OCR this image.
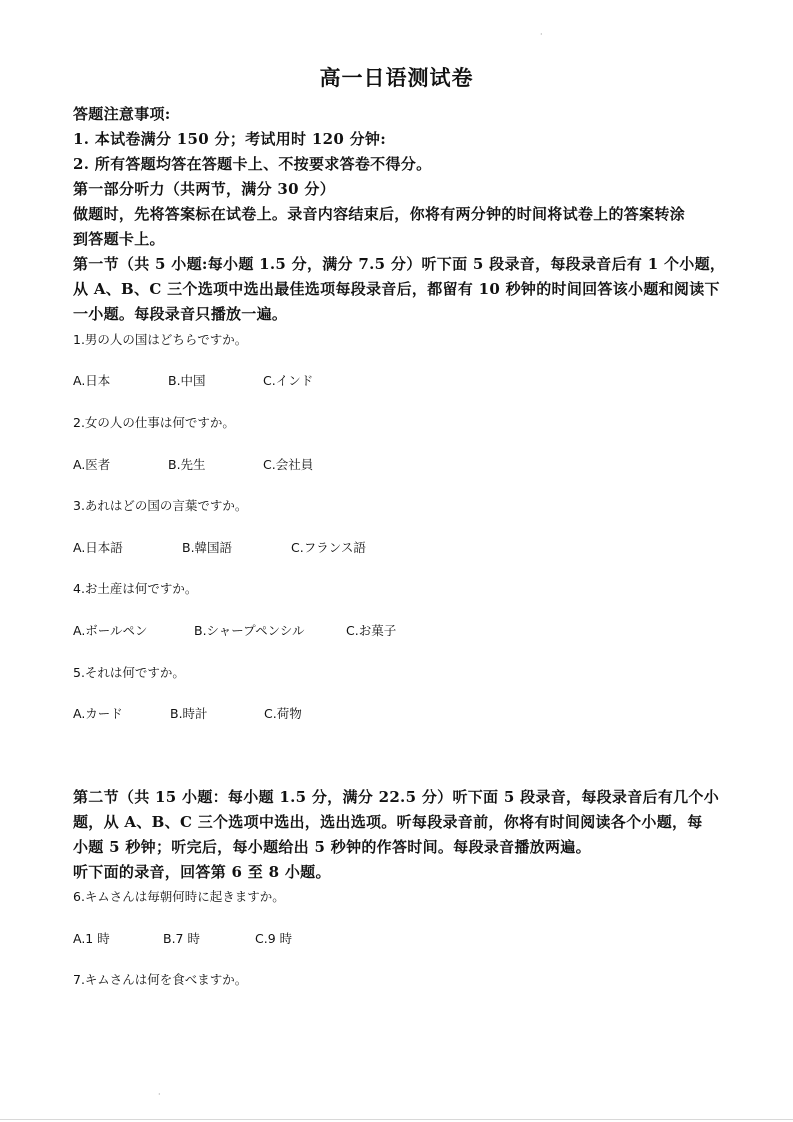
高一日语测试卷
答题注意事项:
1. 本试卷满分 150 分；考试用时 120 分钟:
2. 所有答题均答在答题卡上、不按要求答卷不得分。
第一部分听力（共两节，满分 30 分）
做题时，先将答案标在试卷上。录音内容结束后，你将有两分钟的时间将试卷上的答案转涂
到答题卡上。
第一节（共 5 小题:每小题 1.5 分，满分 7.5 分）听下面 5 段录音，每段录音后有 1 个小题，
从 A、B、C 三个选项中选出最佳选项每段录音后，都留有 10 秒钟的时间回答该小题和阅读下
一小题。每段录音只播放一遍。
1.男の人の国はどちらですか。
A.日本	B.中国	C.インド
2.女の人の仕事は何ですか。
A.医者	B.先生	C.会社員
3.あれはどの国の言葉ですか。
A.日本語	B.韓国語	C.フランス語
4.お土産は何ですか。
A.ボールペン	B.シャープペンシル	C.お菓子
5.それは何ですか。
A.カード	B.時計	C.荷物
第二节（共 15 小题：每小题 1.5 分，满分 22.5 分）听下面 5 段录音，每段录音后有几个小
题，从 A、B、C 三个选项中选出，选出选项。听每段录音前，你将有时间阅读各个小题，每
小题 5 秒钟；听完后，每小题给出 5 秒钟的作答时间。每段录音播放两遍。
听下面的录音，回答第 6 至 8 小题。
6.キムさんは毎朝何時に起きますか。
A.1 時	B.7 時	C.9 時
7.キムさんは何を食べますか。
·
·
